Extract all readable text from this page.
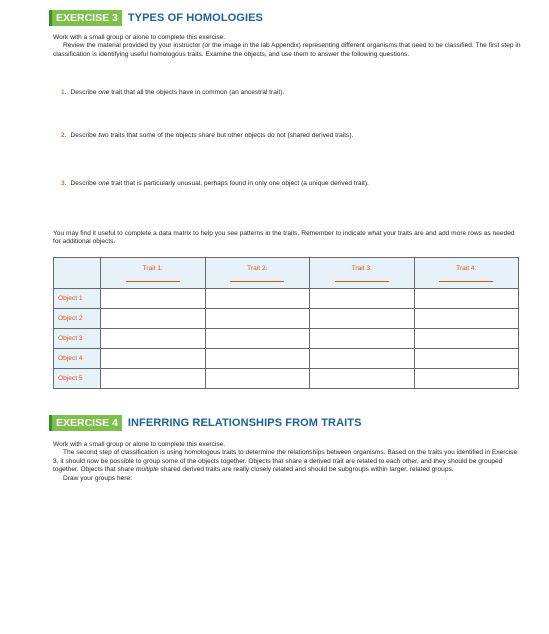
EXERCISE 3 TYPES OF HOMOLOGIES

Work with a small group or alone to complete this exercise.
Review the material provided by your instructor (or the image in the lab Appendix) representing different organisms that need to be classified. The first step in classification is identifying useful homologous traits. Examine the objects, and use them to answer the following questions.

1. Describe one trait that all the objects have in common (an ancestral trait).
2. Describe two traits that some of the objects share but other objects do not (shared derived traits).
3. Describe one trait that is particularly unusual, perhaps found in only one object (a unique derived trait).

You may find it useful to complete a data matrix to help you see patterns in the traits. Remember to indicate what your traits are and add more rows as needed for additional objects.

	Trait 1:	Trait 2:	Trait 3:	Trait 4:

Object 1				
Object 2				
Object 3				
Object 4				
Object 5				
EXERCISE 4 INFERRING RELATIONSHIPS FROM TRAITS

Work with a small group or alone to complete this exercise.
The second step of classification is using homologous traits to determine the relationships between organisms. Based on the traits you identified in Exercise 3, it should now be possible to group some of the objects together. Objects that share a derived trait are related to each other, and they should be grouped together. Objects that share multiple shared derived traits are really closely related and should be subgroups within larger, related groups.
Draw your groups here:
